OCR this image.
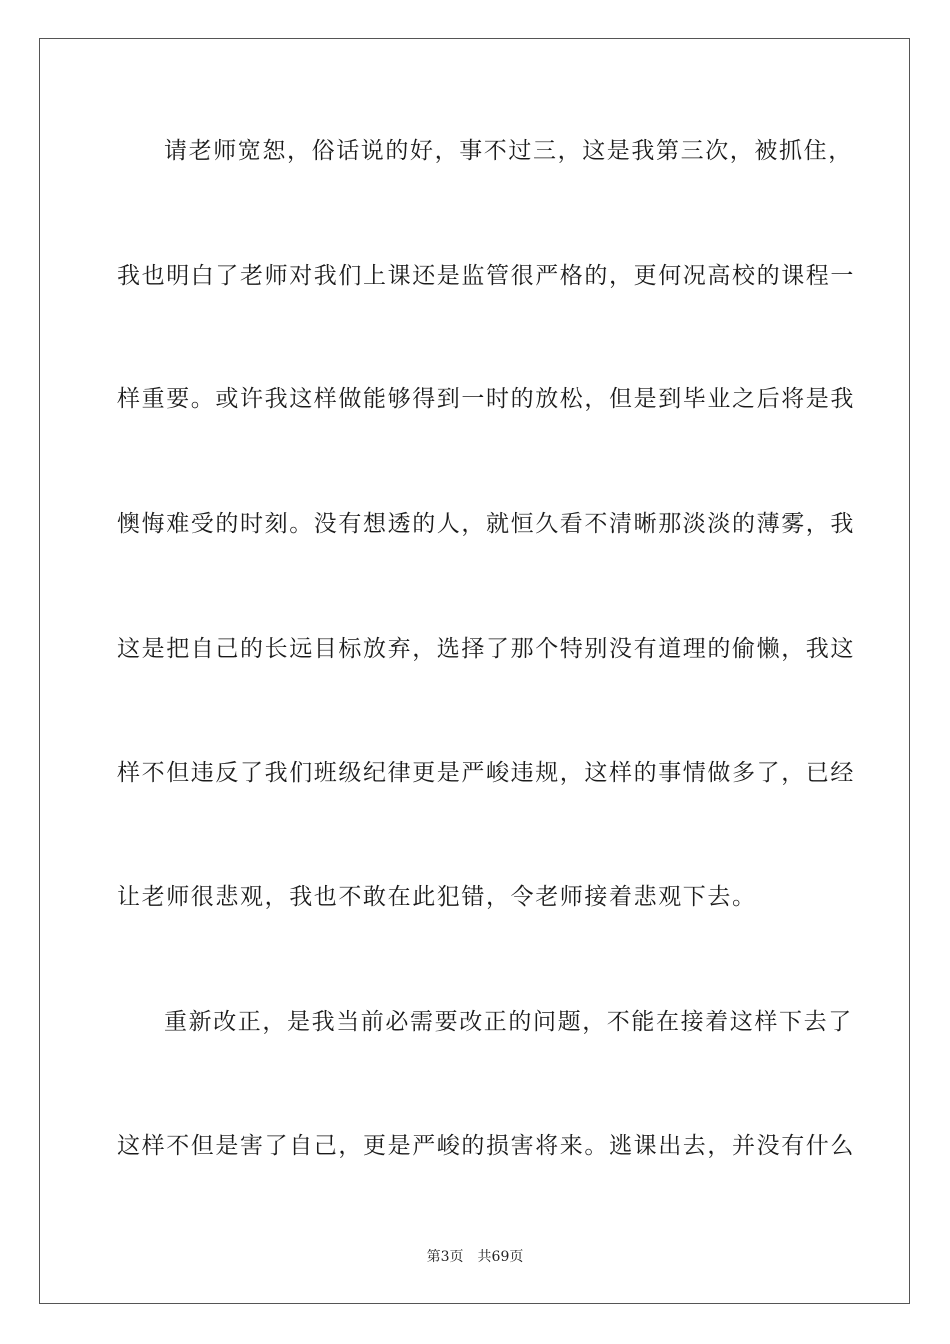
请老师宽恕，俗话说的好，事不过三，这是我第三次，被抓住，
我也明白了老师对我们上课还是监管很严格的，更何况高校的课程一
样重要。或许我这样做能够得到一时的放松，但是到毕业之后将是我
懊悔难受的时刻。没有想透的人，就恒久看不清晰那淡淡的薄雾，我
这是把自己的长远目标放弃，选择了那个特别没有道理的偷懒，我这
样不但违反了我们班级纪律更是严峻违规，这样的事情做多了，已经
让老师很悲观，我也不敢在此犯错，令老师接着悲观下去。
重新改正，是我当前必需要改正的问题，不能在接着这样下去了
这样不但是害了自己，更是严峻的损害将来。逃课出去，并没有什么
第3页 共69页
